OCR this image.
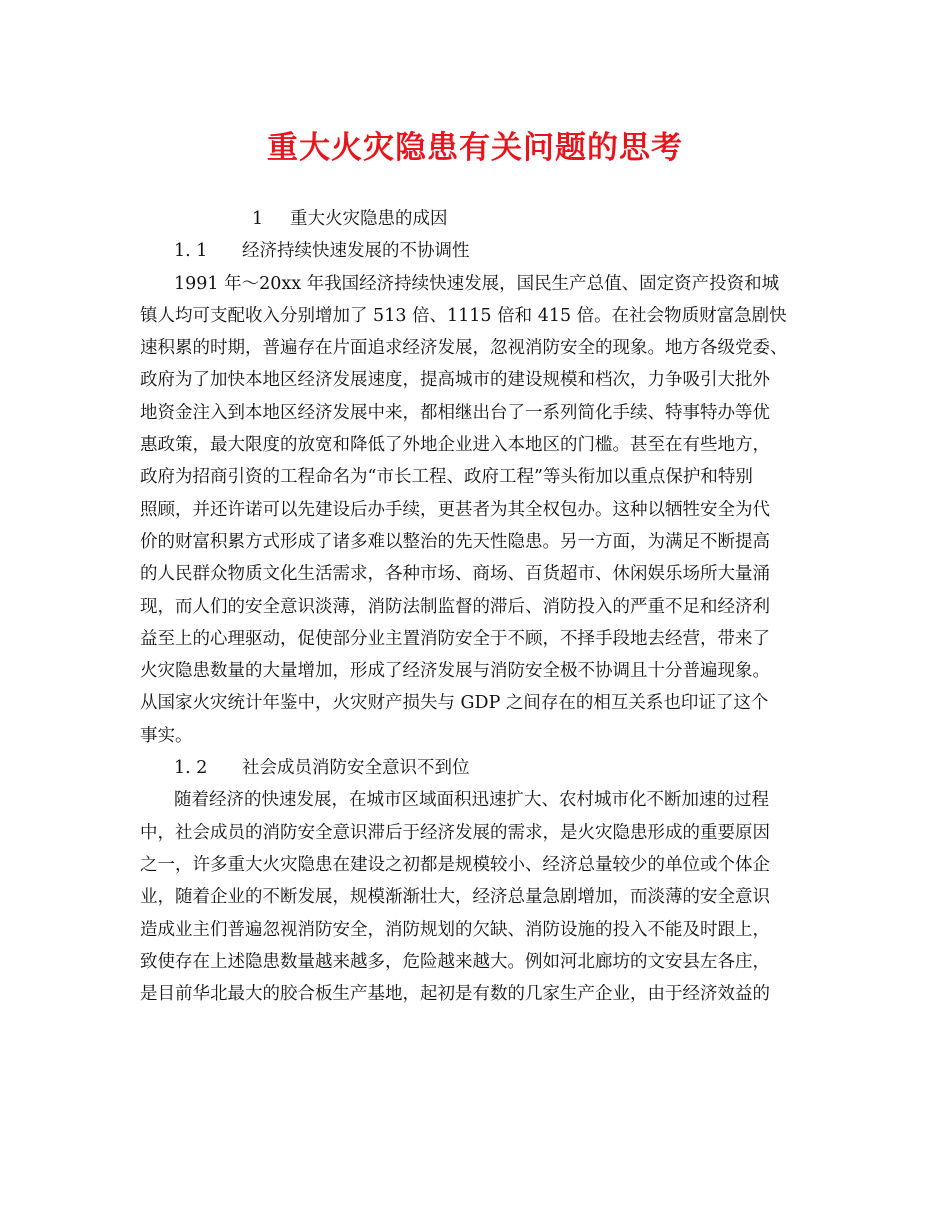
重大火灾隐患有关问题的思考
1 重大火灾隐患的成因
1. 1 经济持续快速发展的不协调性
1991 年～20xx 年我国经济持续快速发展，国民生产总值、固定资产投资和城
镇人均可支配收入分别增加了 513 倍、1115 倍和 415 倍。在社会物质财富急剧快
速积累的时期，普遍存在片面追求经济发展，忽视消防安全的现象。地方各级党委、
政府为了加快本地区经济发展速度，提高城市的建设规模和档次，力争吸引大批外
地资金注入到本地区经济发展中来，都相继出台了一系列简化手续、特事特办等优
惠政策，最大限度的放宽和降低了外地企业进入本地区的门槛。甚至在有些地方，
政府为招商引资的工程命名为“市长工程、政府工程”等头衔加以重点保护和特别
照顾，并还许诺可以先建设后办手续，更甚者为其全权包办。这种以牺牲安全为代
价的财富积累方式形成了诸多难以整治的先天性隐患。另一方面，为满足不断提高
的人民群众物质文化生活需求，各种市场、商场、百货超市、休闲娱乐场所大量涌
现，而人们的安全意识淡薄，消防法制监督的滞后、消防投入的严重不足和经济利
益至上的心理驱动，促使部分业主置消防安全于不顾，不择手段地去经营，带来了
火灾隐患数量的大量增加，形成了经济发展与消防安全极不协调且十分普遍现象。
从国家火灾统计年鉴中，火灾财产损失与 GDP 之间存在的相互关系也印证了这个
事实。
1. 2 社会成员消防安全意识不到位
随着经济的快速发展，在城市区域面积迅速扩大、农村城市化不断加速的过程
中，社会成员的消防安全意识滞后于经济发展的需求，是火灾隐患形成的重要原因
之一，许多重大火灾隐患在建设之初都是规模较小、经济总量较少的单位或个体企
业，随着企业的不断发展，规模渐渐壮大，经济总量急剧增加，而淡薄的安全意识
造成业主们普遍忽视消防安全，消防规划的欠缺、消防设施的投入不能及时跟上，
致使存在上述隐患数量越来越多，危险越来越大。例如河北廊坊的文安县左各庄，
是目前华北最大的胶合板生产基地，起初是有数的几家生产企业，由于经济效益的
